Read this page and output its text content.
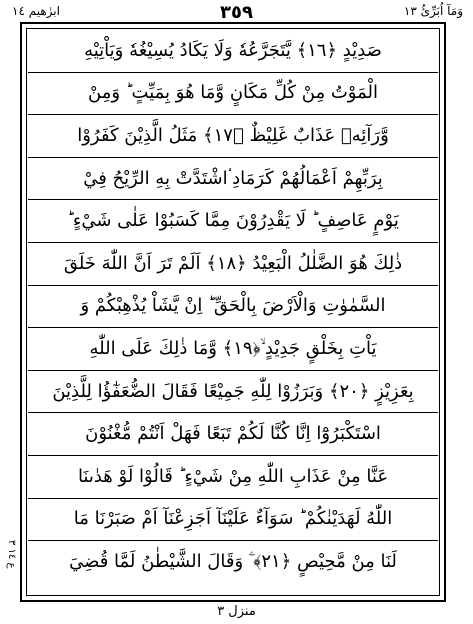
ابرٰهیم ١٤	٣٥٩	وَمَآ اُبَرِّئُ ١٣
صَدِيْدٍ ﴿١٦﴾ يَّتَجَرَّعُهٗ وَلَا يَكَادُ يُسِيْغُهٗ وَيَاْتِيْهِ
الْمَوْتُ مِنْ كُلِّ مَكَانٍ وَّمَا هُوَ بِمَيِّتٍ ؕ وَمِنْ
وَّرَآئِهٖ عَذَابٌ غَلِيْظٌ ﴿١٧﴾ مَثَلُ الَّذِيْنَ كَفَرُوْا
بِرَبِّهِمْ اَعْمَالُهُمْ كَرَمَادِ ۟اشْتَدَّتْ بِهِ الرِّيْحُ فِيْ
يَوْمٍ عَاصِفٍ ؕ لَا يَقْدِرُوْنَ مِمَّا كَسَبُوْا عَلٰى شَيْءٍ ؕ
ذٰلِكَ هُوَ الضَّلٰلُ الْبَعِيْدُ ﴿١٨﴾ اَلَمْ تَرَ اَنَّ اللّٰهَ خَلَقَ
السَّمٰوٰتِ وَالْاَرْضَ بِالْحَقِّ ؕ اِنْ يَّشَاْ يُذْهِبْكُمْ وَ
يَاْتِ بِخَلْقٍ جَدِيْدٍ ۙ﴿١٩﴾ وَّمَا ذٰلِكَ عَلَى اللّٰهِ
بِعَزِيْزٍ ﴿٢٠﴾ وَبَرَزُوْا لِلّٰهِ جَمِيْعًا فَقَالَ الضُّعَفٰٓؤُا لِلَّذِيْنَ
اسْتَكْبَرُوْٓا اِنَّا كُنَّا لَكُمْ تَبَعًا فَهَلْ اَنْتُمْ مُّغْنُوْنَ
عَنَّا مِنْ عَذَابِ اللّٰهِ مِنْ شَيْءٍ ؕ قَالُوْا لَوْ هَدٰىنَا
اللّٰهُ لَهَدَيْنٰكُمْ ؕ سَوَآءٌ عَلَيْنَآ اَجَزِعْنَآ اَمْ صَبَرْنَا مَا
لَنَا مِنْ مَّحِيْصٍ ﴿٢١﴾ ۧ وَقَالَ الشَّيْطٰنُ لَمَّا قُضِيَ
ع ١٤ ٣
منزل ٣
